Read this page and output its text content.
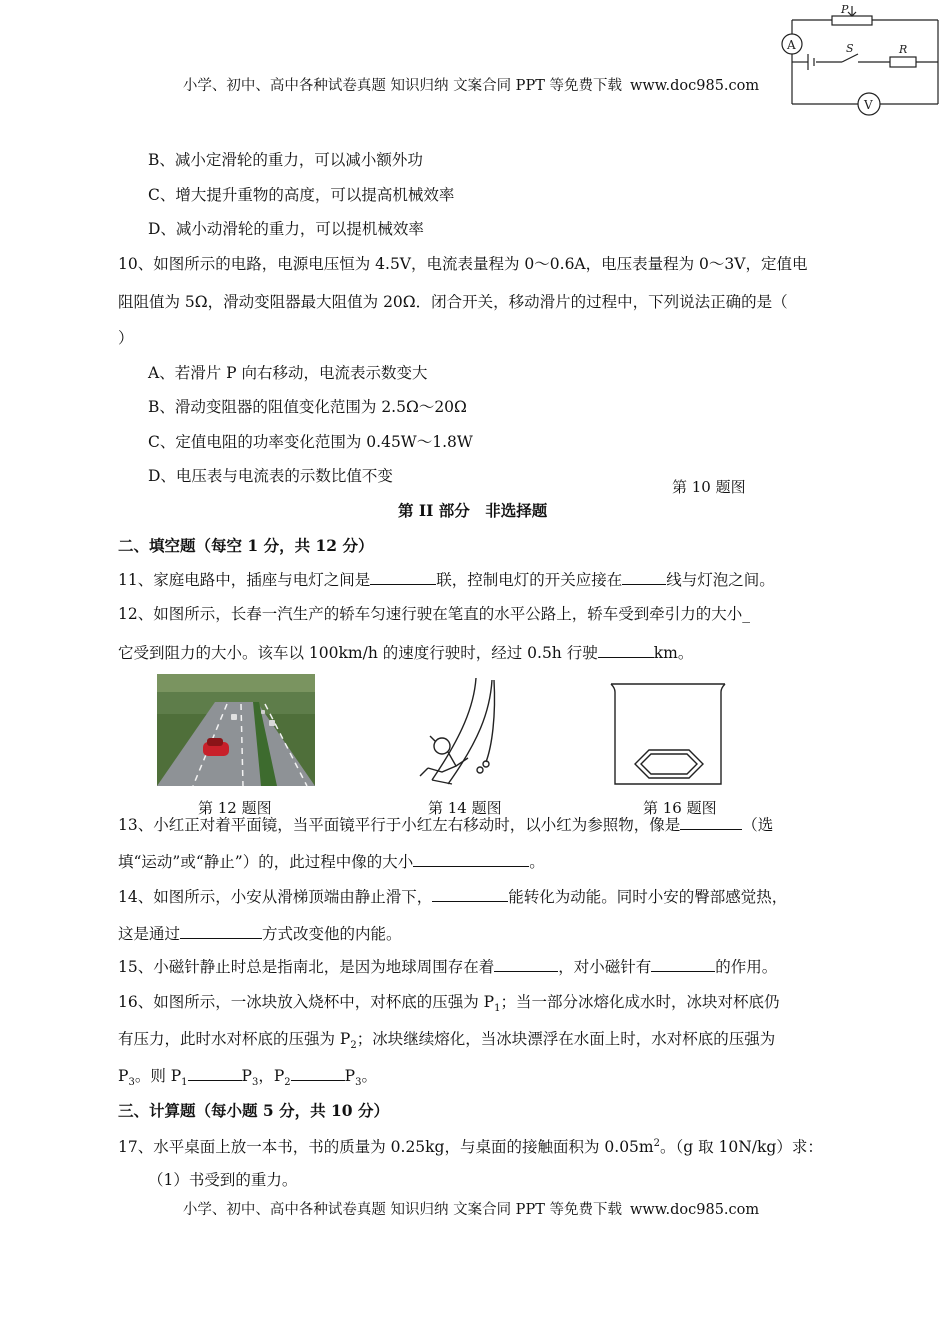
小学、初中、高中各种试卷真题 知识归纳 文案合同 PPT 等免费下载 www.doc985.com
A
V
P
S	R
B、减小定滑轮的重力，可以减小额外功
C、增大提升重物的高度，可以提高机械效率
D、减小动滑轮的重力，可以提机械效率
10、如图所示的电路，电源电压恒为 4.5V，电流表量程为 0～0.6A，电压表量程为 0～3V，定值电
阻阻值为 5Ω，滑动变阻器最大阻值为 20Ω．闭合开关，移动滑片的过程中，下列说法正确的是（
）
A、若滑片 P 向右移动，电流表示数变大
B、滑动变阻器的阻值变化范围为 2.5Ω～20Ω
C、定值电阻的功率变化范围为 0.45W～1.8W
D、电压表与电流表的示数比值不变
第 10 题图
第 II 部分　非选择题
二、填空题（每空 1 分，共 12 分）
11、家庭电路中，插座与电灯之间是	联，控制电灯的开关应接在	线与灯泡之间。
12、如图所示，长春一汽生产的轿车匀速行驶在笔直的水平公路上，轿车受到牵引力的大小_
它受到阻力的大小。该车以 100km/h 的速度行驶时，经过 0.5h 行驶	km。
第 12 题图	第 14 题图	第 16 题图
13、小红正对着平面镜，当平面镜平行于小红左右移动时，以小红为参照物，像是	（选
填“运动”或“静止”）的，此过程中像的大小	。
14、如图所示，小安从滑梯顶端由静止滑下，	能转化为动能。同时小安的臀部感觉热，
这是通过	方式改变他的内能。
15、小磁针静止时总是指南北，是因为地球周围存在着	，对小磁针有	的作用。
16、如图所示，一冰块放入烧杯中，对杯底的压强为 $P_1$；当一部分冰熔化成水时，冰块对杯底仍
有压力，此时水对杯底的压强为 $P_2$；冰块继续熔化，当冰块漂浮在水面上时，水对杯底的压强为
$P_3$。则 $P_1$	$P_3$，$P_2$	$P_3$。
三、计算题（每小题 5 分，共 10 分）
17、水平桌面上放一本书，书的质量为 0.25kg，与桌面的接触面积为 $0.05m^2$。（g 取 10N/kg）求：
（1）书受到的重力。
小学、初中、高中各种试卷真题 知识归纳 文案合同 PPT 等免费下载 www.doc985.com
